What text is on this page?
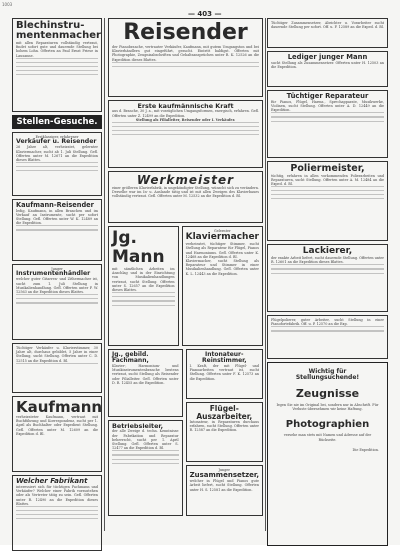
1003
— 403 —
Blechinstru-mentenmacher
mit allen Reparaturen vollständig vertraut, findet sofort gute und dauernde Stellung bei hohem Lohn. Offerten an Paul Ernst Friese in Lausanne.
Stellen-Gesuche.
Erstklassiger, erfahrener
Verkäufer u. Reisender
26 Jahre alt, verheiratet, gelernter Klaviermacher, sucht ab 1. Juli Stellung. Gefl. Offerten unter M. 12671 an die Expedition dieses Blattes.
Kaufmann-Reisender
ledig, Kaufmann, in allen Branchen und im Verkauf an Instrumente, sucht per sofort Stellung. Gefl. Offerten unter W. K. 12489 an die Expedition.
Junger
Instrumentenhändler
welcher guter Gitarren- und Zithermacher ist, sucht zum 1. Juli Stellung in Musikalienhandlung. Gefl. Offerten unter F. W. 12563 an die Expedition dieses Blattes.
Tüchtiger Verkäufer u. Klavierstimmer, 30 Jahre alt, durchaus gebildet, 5 Jahre in einer Stellung, sucht Stellung. Offerten unter C. D. 12515 an die Expedition d. Bl.
Kaufmann
verheirateter Kaufmann, vertraut mit Buchführung und Korrespondenz, sucht per 1. April als Buchhalter oder Expedient Stellung. Gefl. Offerten unter M. 12609 an die Expedition d. Bl.
Welcher Fabrikant
interessiert sich für tüchtigen Fachmann und Verkäufer? Welcher einer Fabrik vorzustehen oder als Vertreter tätig zu sein. Gefl. Offerten unter R. 12490 an die Expedition dieses Blattes.
Reisender
der Pianobranche, vertrauter Verkäufer, Kaufmann, mit gutem Umgangston und bei Klavierhändlern gut eingeführt, gesucht. Eintritt baldigst. Offerten mit Photographie, Zeugnisabschriften und Gehaltsansprüchen unter R. K. 12526 an die Expedition dieses Blattes.
Erste kaufmännische Kraft
aus d. Branche, 30 J. a., mit vorzüglichen Umgangsformen, energisch, erfahren. Gefl. Offerten unter Z. 12499 an die Expedition.
Stellung als Filialleiter, Reisender oder I. Verkäufer.
Werkmeister
einer größeren Klavierfabrik, in ungekündigter Stellung, wünscht sich zu verändern. Derselbe war im In- u. Auslande tätig und ist mit allen Zweigen des Klavierbaues vollständig vertraut. Gefl. Offerten unter M. 12532 an die Expedition d. Bl.
Jg. Mann
mit sämtlichen Arbeiten im Anschlag und in der Einrichtung von Musikalienhandlungen vertraut, sucht Stellung. Offerten unter S. 12657 an die Expedition dieses Blattes.
Gelernter
Klaviermacher
verheiratet, tüchtiger Stimmer, sucht Stellung als Reparateur für Flügel, Pianos und Harmoniums. Gefl. Offerten unter K. 12468 an die Expedition d. Bl.
Klaviermacher, sucht Stellung als Reparateur und Stimmer in einer Musikalienhandlung. Gefl. Offerten unter K. L. 12443 an die Expedition.
Jg., gebild. Fachmann,
Klavier-, Harmonium- und Musikinstrumentenbranche bestens vertraut, sucht Stellung als Reisender oder Filialleiter. Gefl. Offerten unter D. R. 12455 an die Expedition.
Betriebsleiter,
der alle Zweige d. techn. Kenntnisse der Fabrikation und Reparatur beherrscht, sucht per 1. April Stellung. Gefl. Offerten unter S. 12477 an die Expedition d. Bl.
Intonateur-Reinstimmer,
I. Kraft, der mit Flügel- und Pianoarbeiten vertraut ist, sucht Stellung. Offerten unter F. K. 12573 an die Expedition.
Flügel-Auszarbeiter,
Intonateur, in Reparaturen durchaus erfahren, sucht Stellung. Offerten unter R. 12587 an die Expedition.
Junger
Zusammensetzer,
welcher in Flügel und Pianos gute Arbeit liefert, sucht Stellung. Offerten unter H. S. 12581 an die Expedition.
Tüchtiger Zusammensetzer, Abrichter u. Vorarbeiter sucht dauernde Stellung per sofort. Off. u. F. 12589 an die Exped. d. Bl.
Lediger junger Mann
sucht Stellung als Zusammensetzer. Offerten unter H. 12503 an die Expedition.
Tüchtiger Reparateur
für Pianos, Flügel, Harms., Sprechapparate, Musikwerke, Violinen, sucht Stellung. Offerten unter A. D. 12449 an die Expedition.
Poliermeister,
tüchtig, erfahren in allen vorkommenden Polierarbeiten und Reparaturen, sucht Stellung. Offerten unter A. M. 12484 an die Exped. d. Bl.
Lackierer,
der exakte Arbeit liefert, sucht dauernde Stellung. Offerten unter R. 12601 an die Expedition dieses Blattes.
Flügelpolierer, guter Arbeiter, sucht Stellung in einer Pianofortefabrik. Off. u. P. 12570 an die Exp.
Wichtig für Stellungsuchende!
Zeugnisse
legen Sie nie im Original bei, sondern nur in Abschrift. Für Verluste übernehmen wir keine Haftung.
Photographien
versehe man stets mit Namen und Adresse auf der Rückseite.
Die Expedition.
